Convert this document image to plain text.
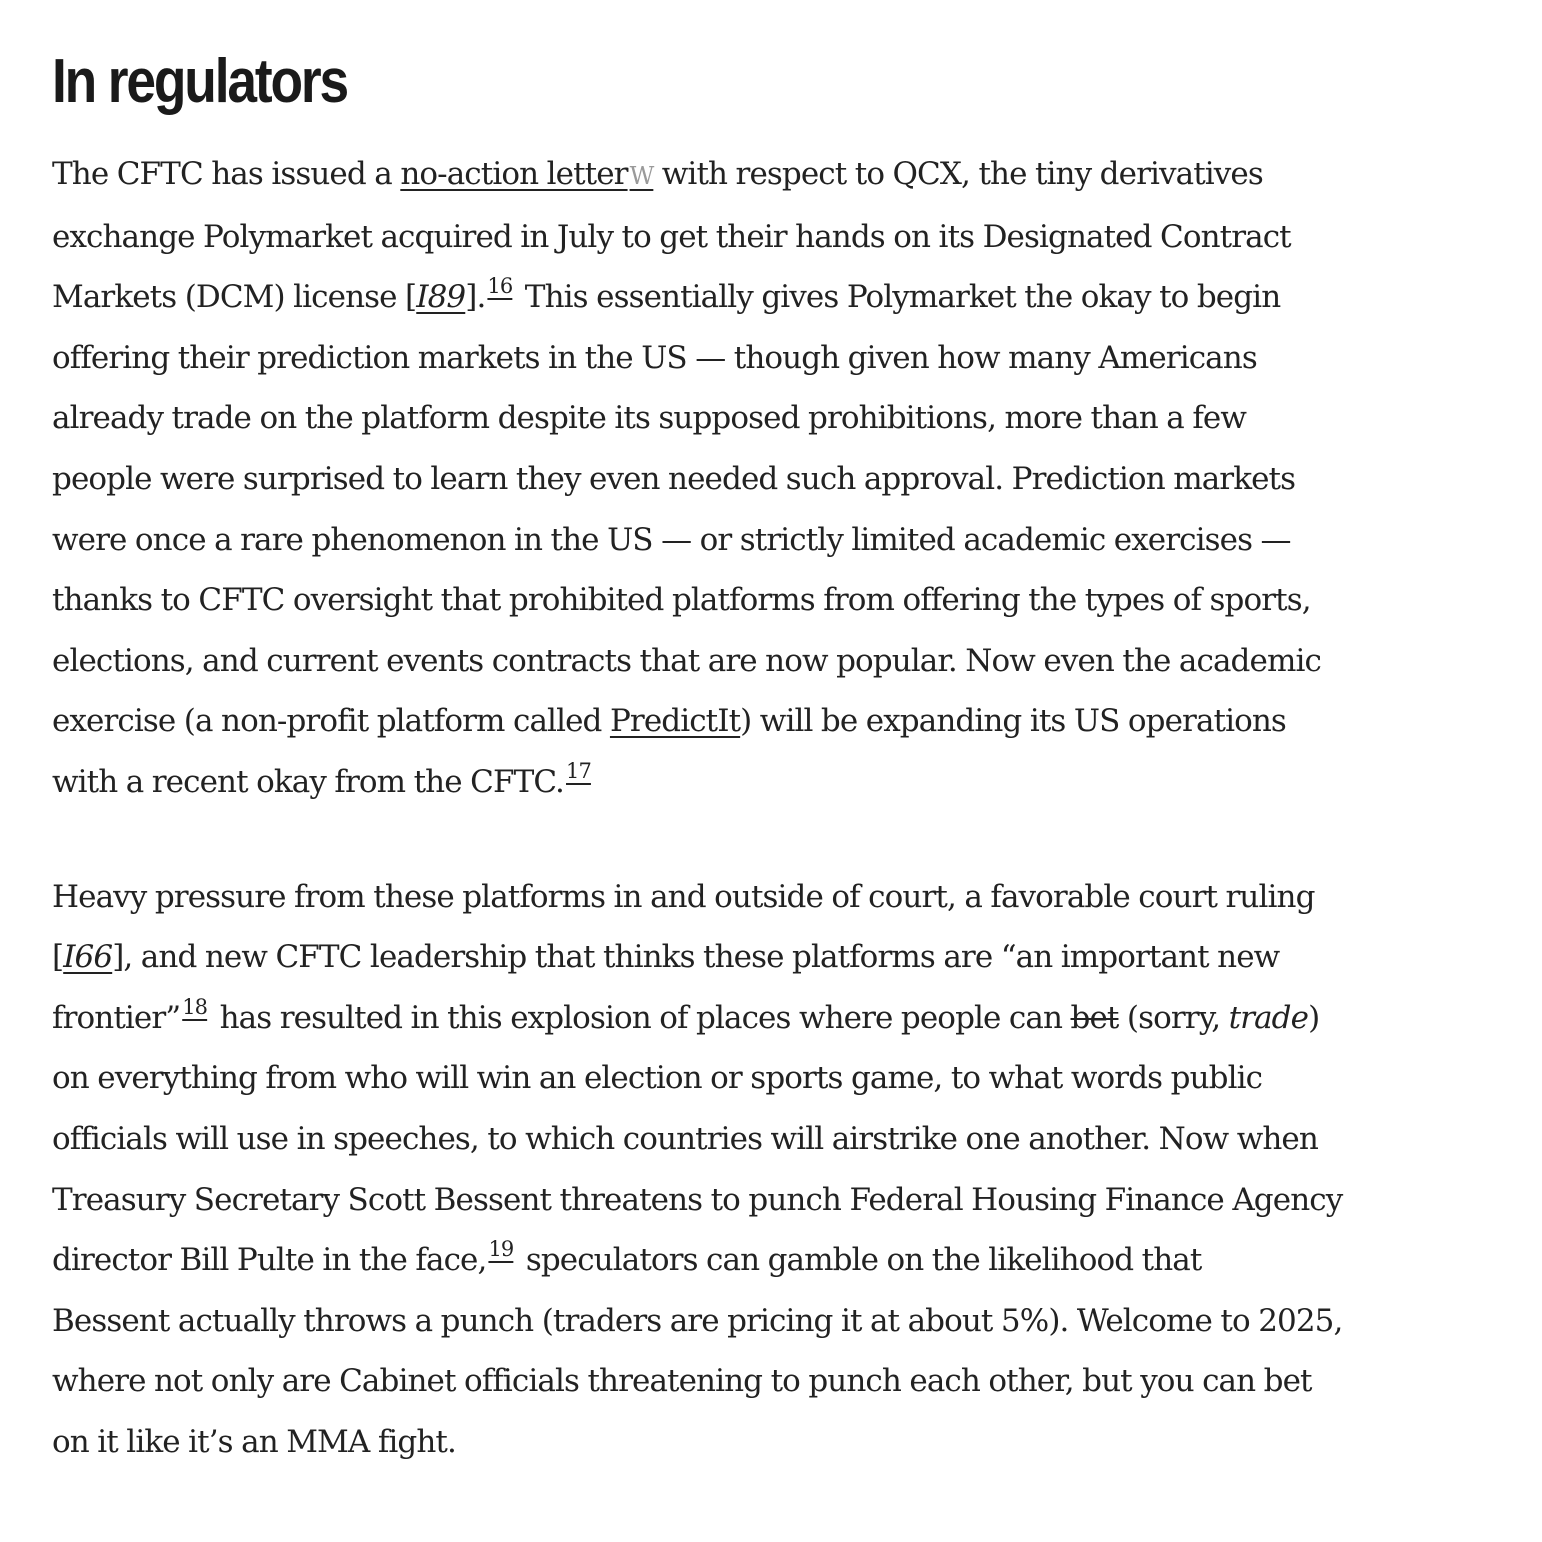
In regulators

The CFTC has issued a no-action letterW with respect to QCX, the tiny derivatives
exchange Polymarket acquired in July to get their hands on its Designated Contract
Markets (DCM) license [I89].$^{16}$ This essentially gives Polymarket the okay to begin
offering their prediction markets in the US — though given how many Americans
already trade on the platform despite its supposed prohibitions, more than a few
people were surprised to learn they even needed such approval. Prediction markets
were once a rare phenomenon in the US — or strictly limited academic exercises —
thanks to CFTC oversight that prohibited platforms from offering the types of sports,
elections, and current events contracts that are now popular. Now even the academic
exercise (a non-profit platform called PredictIt) will be expanding its US operations
with a recent okay from the CFTC.$^{17}$

Heavy pressure from these platforms in and outside of court, a favorable court ruling
[I66], and new CFTC leadership that thinks these platforms are “an important new
frontier”$^{18}$ has resulted in this explosion of places where people can bet (sorry, trade)
on everything from who will win an election or sports game, to what words public
officials will use in speeches, to which countries will airstrike one another. Now when
Treasury Secretary Scott Bessent threatens to punch Federal Housing Finance Agency
director Bill Pulte in the face,$^{19}$ speculators can gamble on the likelihood that
Bessent actually throws a punch (traders are pricing it at about 5%). Welcome to 2025,
where not only are Cabinet officials threatening to punch each other, but you can bet
on it like it’s an MMA fight.
